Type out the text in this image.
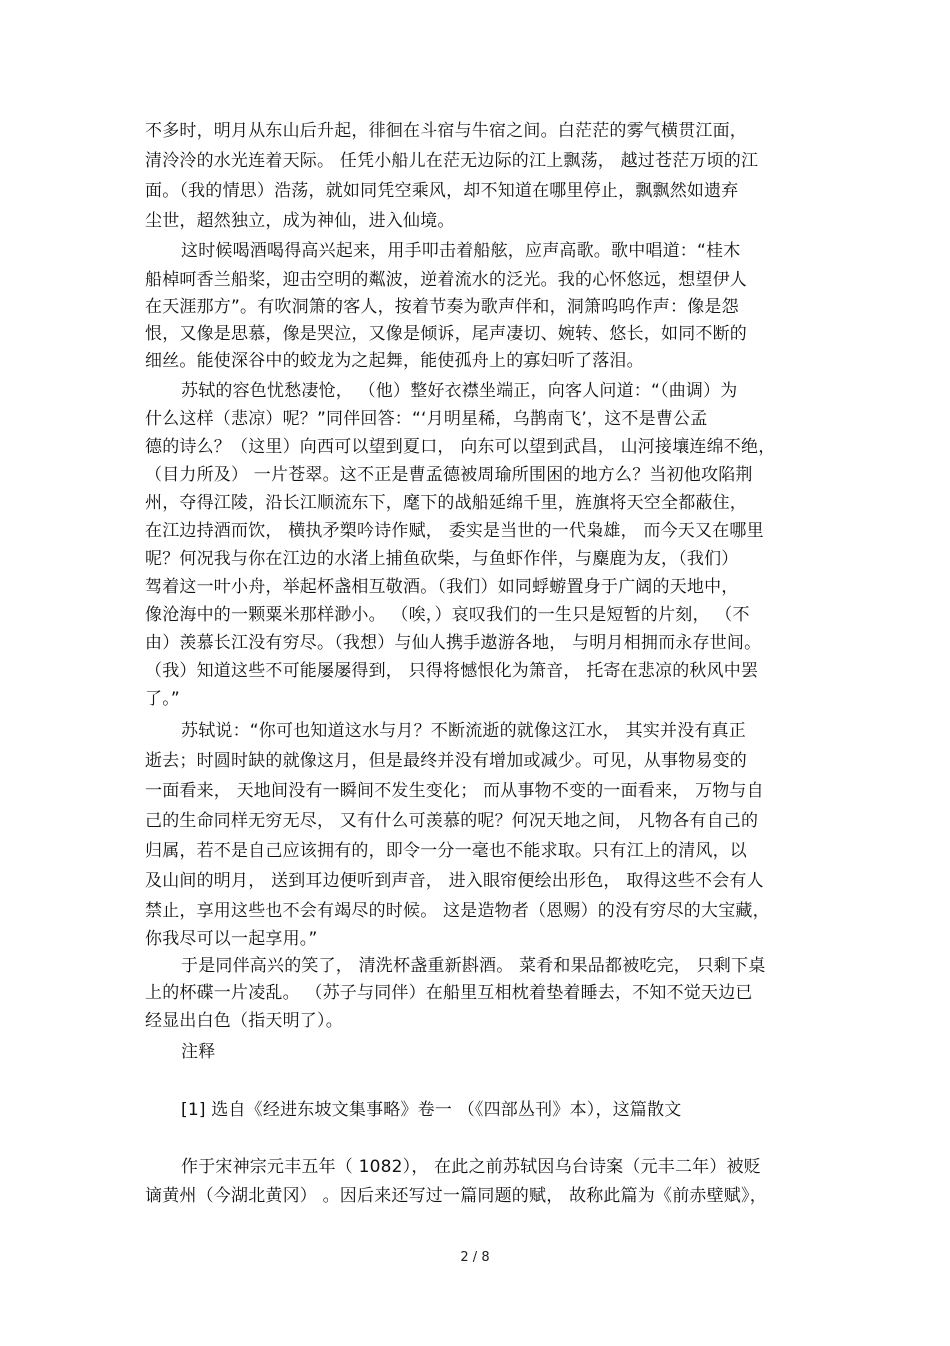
不多时，明月从东山后升起，徘徊在斗宿与牛宿之间。白茫茫的雾气横贯江面，
清泠泠的水光连着天际。 任凭小船儿在茫无边际的江上飘荡， 越过苍茫万顷的江
面。（我的情思）浩荡，就如同凭空乘风，却不知道在哪里停止，飘飘然如遗弃
尘世，超然独立，成为神仙，进入仙境。
这时候喝酒喝得高兴起来，用手叩击着船舷，应声高歌。歌中唱道：“桂木
船棹呵香兰船桨，迎击空明的粼波，逆着流水的泛光。我的心怀悠远，想望伊人
在天涯那方”。有吹洞箫的客人，按着节奏为歌声伴和，洞箫呜呜作声：像是怨
恨，又像是思慕，像是哭泣，又像是倾诉，尾声凄切、婉转、悠长，如同不断的
细丝。能使深谷中的蛟龙为之起舞，能使孤舟上的寡妇听了落泪。
苏轼的容色忧愁凄怆， （他）整好衣襟坐端正，向客人问道：“（曲调）为
什么这样（悲凉）呢？”同伴回答：“‘月明星稀，乌鹊南飞’，这不是曹公孟
德的诗么？（这里）向西可以望到夏口， 向东可以望到武昌， 山河接壤连绵不绝，
（目力所及） 一片苍翠。这不正是曹孟德被周瑜所围困的地方么？当初他攻陷荆
州，夺得江陵，沿长江顺流东下，麾下的战船延绵千里，旌旗将天空全都蔽住，
在江边持酒而饮， 横执矛槊吟诗作赋， 委实是当世的一代枭雄， 而今天又在哪里
呢？何况我与你在江边的水渚上捕鱼砍柴，与鱼虾作伴，与麋鹿为友，（我们）
驾着这一叶小舟，举起杯盏相互敬酒。（我们）如同蜉蝣置身于广阔的天地中，
像沧海中的一颗粟米那样渺小。 （唉，）哀叹我们的一生只是短暂的片刻， （不
由）羡慕长江没有穷尽。（我想）与仙人携手遨游各地， 与明月相拥而永存世间。
（我）知道这些不可能屡屡得到， 只得将憾恨化为箫音， 托寄在悲凉的秋风中罢
了。”
苏轼说：“你可也知道这水与月？不断流逝的就像这江水， 其实并没有真正
逝去；时圆时缺的就像这月，但是最终并没有增加或减少。可见，从事物易变的
一面看来， 天地间没有一瞬间不发生变化； 而从事物不变的一面看来， 万物与自
己的生命同样无穷无尽， 又有什么可羡慕的呢？何况天地之间， 凡物各有自己的
归属，若不是自己应该拥有的，即令一分一毫也不能求取。只有江上的清风，以
及山间的明月， 送到耳边便听到声音， 进入眼帘便绘出形色， 取得这些不会有人
禁止，享用这些也不会有竭尽的时候。 这是造物者（恩赐）的没有穷尽的大宝藏，
你我尽可以一起享用。”
于是同伴高兴的笑了， 清洗杯盏重新斟酒。 菜肴和果品都被吃完， 只剩下桌
上的杯碟一片凌乱。 （苏子与同伴）在船里互相枕着垫着睡去，不知不觉天边已
经显出白色（指天明了）。
注释
[1] 选自《经进东坡文集事略》卷一 （《四部丛刊》本），这篇散文
作于宋神宗元丰五年（ 1082）， 在此之前苏轼因乌台诗案（元丰二年）被贬
谪黄州（今湖北黄冈） 。因后来还写过一篇同题的赋， 故称此篇为《前赤壁赋》，
2 / 8
